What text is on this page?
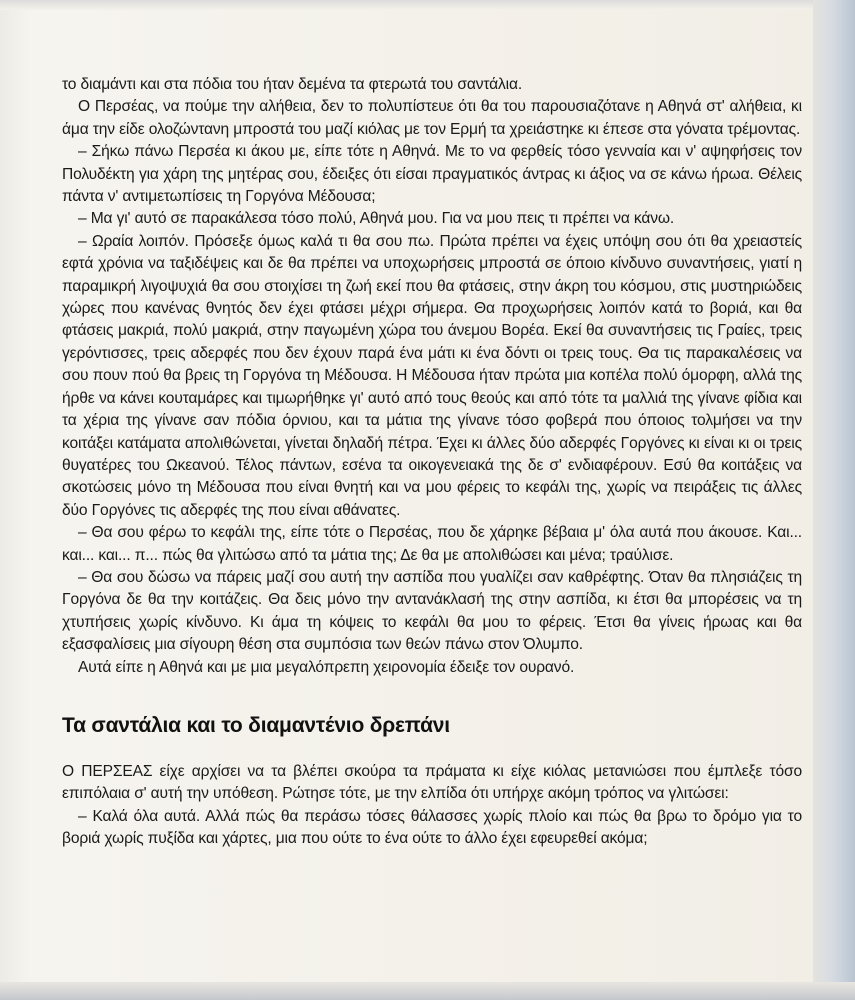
το διαμάντι και στα πόδια του ήταν δεμένα τα φτερωτά του σαντάλια.

Ο Περσέας, να πούμε την αλήθεια, δεν το πολυπίστευε ότι θα του παρουσιαζότανε η Αθηνά στ' αλήθεια, κι άμα την είδε ολοζώντανη μπροστά του μαζί κιόλας με τον Ερμή τα χρειάστηκε κι έπεσε στα γόνατα τρέμοντας.

– Σήκω πάνω Περσέα κι άκου με, είπε τότε η Αθηνά. Με το να φερθείς τόσο γενναία και ν' αψηφήσεις τον Πολυδέκτη για χάρη της μητέρας σου, έδειξες ότι είσαι πραγματικός άντρας κι άξιος να σε κάνω ήρωα. Θέλεις πάντα ν' αντιμετωπίσεις τη Γοργόνα Μέδουσα;

– Μα γι' αυτό σε παρακάλεσα τόσο πολύ, Αθηνά μου. Για να μου πεις τι πρέπει να κάνω.

– Ωραία λοιπόν. Πρόσεξε όμως καλά τι θα σου πω. Πρώτα πρέπει να έχεις υπόψη σου ότι θα χρειαστείς εφτά χρόνια να ταξιδέψεις και δε θα πρέπει να υποχωρήσεις μπροστά σε όποιο κίνδυνο συναντήσεις, γιατί η παραμικρή λιγοψυχιά θα σου στοιχίσει τη ζωή εκεί που θα φτάσεις, στην άκρη του κόσμου, στις μυστηριώδεις χώρες που κανένας θνητός δεν έχει φτάσει μέχρι σήμερα. Θα προχωρήσεις λοιπόν κατά το βοριά, και θα φτάσεις μακριά, πολύ μακριά, στην παγωμένη χώρα του άνεμου Βορέα. Εκεί θα συναντήσεις τις Γραίες, τρεις γερόντισσες, τρεις αδερφές που δεν έχουν παρά ένα μάτι κι ένα δόντι οι τρεις τους. Θα τις παρακαλέσεις να σου πουν πού θα βρεις τη Γοργόνα τη Μέδουσα. Η Μέδουσα ήταν πρώτα μια κοπέλα πολύ όμορφη, αλλά της ήρθε να κάνει κουταμάρες και τιμωρήθηκε γι' αυτό από τους θεούς και από τότε τα μαλλιά της γίνανε φίδια και τα χέρια της γίνανε σαν πόδια όρνιου, και τα μάτια της γίνανε τόσο φοβερά που όποιος τολμήσει να την κοιτάξει κατάματα απολιθώνεται, γίνεται δηλαδή πέτρα. Έχει κι άλλες δύο αδερφές Γοργόνες κι είναι κι οι τρεις θυγατέρες του Ωκεανού. Τέλος πάντων, εσένα τα οικογενειακά της δε σ' ενδιαφέρουν. Εσύ θα κοιτάξεις να σκοτώσεις μόνο τη Μέδουσα που είναι θνητή και να μου φέρεις το κεφάλι της, χωρίς να πειράξεις τις άλλες δύο Γοργόνες τις αδερφές της που είναι αθάνατες.

– Θα σου φέρω το κεφάλι της, είπε τότε ο Περσέας, που δε χάρηκε βέβαια μ' όλα αυτά που άκουσε. Και... και... και... π... πώς θα γλιτώσω από τα μάτια της; Δε θα με απολιθώσει και μένα; τραύλισε.

– Θα σου δώσω να πάρεις μαζί σου αυτή την ασπίδα που γυαλίζει σαν καθρέφτης. Όταν θα πλησιάζεις τη Γοργόνα δε θα την κοιτάζεις. Θα δεις μόνο την αντανάκλασή της στην ασπίδα, κι έτσι θα μπορέσεις να τη χτυπήσεις χωρίς κίνδυνο. Κι άμα τη κόψεις το κεφάλι θα μου το φέρεις. Έτσι θα γίνεις ήρωας και θα εξασφαλίσεις μια σίγουρη θέση στα συμπόσια των θεών πάνω στον Όλυμπο.

Αυτά είπε η Αθηνά και με μια μεγαλόπρεπη χειρονομία έδειξε τον ουρανό.

Τα σαντάλια και το διαμαντένιο δρεπάνι

Ο ΠΕΡΣΕΑΣ είχε αρχίσει να τα βλέπει σκούρα τα πράματα κι είχε κιόλας μετανιώσει που έμπλεξε τόσο επιπόλαια σ' αυτή την υπόθεση. Ρώτησε τότε, με την ελπίδα ότι υπήρχε ακόμη τρόπος να γλιτώσει:

– Καλά όλα αυτά. Αλλά πώς θα περάσω τόσες θάλασσες χωρίς πλοίο και πώς θα βρω το δρόμο για το βοριά χωρίς πυξίδα και χάρτες, μια που ούτε το ένα ούτε το άλλο έχει εφευρεθεί ακόμα;
